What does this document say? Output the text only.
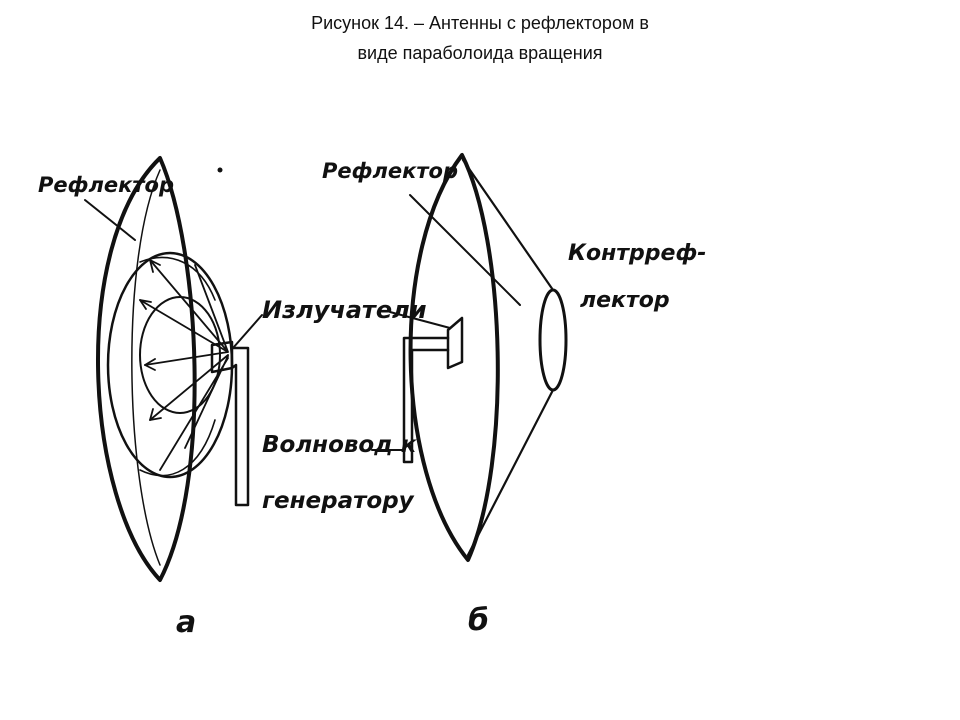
Рисунок 14. – Антенны с рефлектором в
виде параболоида вращения
Рефлектор
Излучатели
Волновод к
генератору
а
Рефлектор
Контрреф-
лектор
б
